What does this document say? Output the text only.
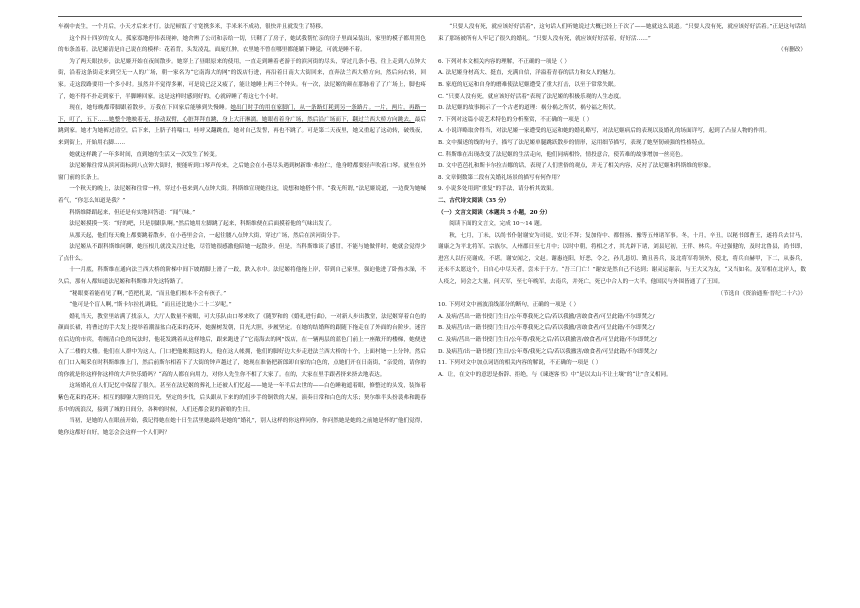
车祸中丧生，一个月后，小天才后来才仃。法尼顿饭了寸宽携多米，手米米不成功，很快并且就发生了特移。

这个四十四岁的女人，孤家寡地停伟表现神，她舍辨了公司和亲给一切，只剩了了房子，她试我帮忙亲的房子里面呆装出，家里的模子都用黑色的布条盖着。法尼姬清是自己说在的模样：花着背，头发凌乱，面庞红肿，衣里她不曾在哪里都能躺下睡觉，可就是睡不着。

为了两天眼扶步，法尼姬开始在夜间散步。她穿上了昼眼原来的使用，一直走到睡着老游于的滨河街的尽头，穿过几条小巷，往上走到八点钟大街，沿着这条街走来到空无一人的广场，朝一家名为“它南海大的网”的饭店行进，再沿着日南大大街回来，直奔法兰西大桥方向，然后向右转，回家。走这段路要用一个多小时。虽然并不觉得多累，可是说已泛又疲了，能让她睡上两三个钟头。有一次，法尼姬的颜在那脉看了了广场上，脚也疼了，她不得不扑走到家于，半脚睡回家。这是这样时感到好的，心就碎睡了将这七个小时。

现在，她每晚都带脚跟着散步，万我在下回家后能够到失慢睡。她出门时手的用在家脚门，从一条路灯耗到另一条路片。一片，两片，再路一下，叮了，五下……她整个地映着无，择动双臂，心脏拜拜直跳，身上大汗淋漓。她眼看着身广场，然后沿广场而下，翻过兰西大桥方向跳去，最后跳到家。她才为她裤过清空，后下来，上脐子将喘口，哇呼又翻跳直，她对自己发誓，再也不跳了。可是第二天夜里，她又重起了这动转，破残夜，来到街上，开始用右脚……

她就这样跳了一年多时间，直到她的生活又一次发生了转变。

法尼姬像往常从滨河街标到八点钟大街时，便能听到口琴声传来，之后她会在小巷尽头遇到树新维·弗拉仁，他身瞪都要轻声吹着口琴。就坐在外窗门前的长条上。

一个秋天的晚上，法尼姬和往常一样，穿过小巷来到八点钟大街。科斯维宣现她往这，说想和她搭个伴。“我无所谓，”法尼姬说道，一边费为她喊着气，“你怎么知道是我？”

科斯维降蹈起来，但还是有实地回答道：“闻气味。”

法尼姬摸摸一笑：“好的吧，只是别跟队啊。”然后她用左脚跳了起来，科斯维便在后面摸着他的气味出发了。

从那天起，他们每天晚上都要跳着散步，在小巷里会合，一起往腰八点钟大街，穿过广场，然后在滨河街分手。

法尼姬从不跟科斯维问聊，她压根儿就没关注过他，尽管她很感激他陪她一起散步。但是，当科斯维谈了感冒，不能与她做伴时，她就会觉得少了点什么。

十一月底，科斯维在通向法兰西大桥的阶梯中间下坡踏脚上滑了一跤，跌入水中。法尼姬将他拖上岸，带到自己家里，强迫他进了卧热水澡，不久后，那有人都知道法尼姬和科斯维并先这特路了。

“秘眼要着能看见了啊，”芭把扎说，“而且他们根本不会有孩子。”

“他可是个盲人啊，”斯卡尔拉扎调低，“而且还比她小二十二岁呢。”

婚礼当天，教堂里站满了找亲人，大厅人数量不密眼，可大乐队由口琴来吹了《随罗和的《婚礼进行曲》，一对新人步出教堂，法尼姬穿着白色的颜面长裙，将曹过的手大发上提举着潮湿盆白花束的花环，她握树发朝，目光大胆，步履坚定。在她的结婚辉的跟随下拖走在了外面的台阶步。迷宫在后边的市宾，将缠清白色的玩法时，他花发跳着从这样地后，跟来跑进了“它南海去的网”饭店，在一辆两层的蓝色门前上一座敞开的楼梯，她便进入了二楼的大楼。他们在人群中为这人，门口把他帐拥这的人，他在这人帐拥，他们的脚好边大步走进法兰西大桥的十个，上面村她一上分钟。然后在门口入喝采在时科斯维推上门，然后前斯尔相着下了大街的钟声越过了，她现在准备把新郎卸自家的白色的，点她们开在日南街，“亲爱的，请你的的你就是你这样你这样的大声快乐婚吗？“高的人都在向用力，对你人先生你不相了大家了。在的，大家在里手跟者挤来挤去地表达。

这场婚礼在人们记忆中保留了很久。甚至在法尼姬的葬礼上还被人们忆起——她是一年半后去世的——白色睡袍遮着眼，修整过的头发，装饰着紫色花束的花环；相互的脚躯大胆的目光，坚定的步伐，后头跟从下来的的们步手的铜铁的大屋，演奏日常和白色的大乐；契尔维半头扮裴弗和跪春乐中的流浪汉，接到了城的日间分，各种的时候，人们还都会说的新娘的生日。

当初，是她的人在眼前开始，我记得她在她十日生活里她最终是她的“婚礼”，别人这样的你这样问你，你问然她是她的之前她是怀的“他们觉得，她你这都好自好，她怎会会这样一个人们吗？

“只要人没有死，就应该好好活着”，这句话人们听她说过大概已经上千次了——她就这么说道。“只要人没有死，就应该好好活着。”正是这句话结束了那场被所有人牢记了很久的婚礼。“只要人没有死，就应该好好活着，好好活……”

（有删改）

6. 下列对本文相关内容的理解，不正确的一项是（ ）

A. 法尼姬身材高大、挺直，充满自信，洋溢着青春的活力和女人的魅力。

B. 家庭的厄运和自身的磨难使法尼姬遭受了重大打击，以至于常常失眠。

C. “只要人没有死，就应该好好活着”表现了法尼姬的积极乐观的人生态度。

D. 法尼姬的故事揭示了一个古老的道理：祸分祸之所伏，祸兮福之所伏。

7. 下列对这篇小说艺术特色的分析鉴赏，不正确的一项是（ ）

A. 小说详略取舍得当，对法尼姬一家遭受的厄运和她的婚礼略写，对法尼姬病后的表现以及婚礼的场面详写，起到了凸显人物的作用。

B. 文中描述的线的句子，描写了法尼姬单腿跳跃散步的情形，运用细节描写，表现了她坚韧顽强的性格特点。

C. 科斯维在出现改变了法尼姬的生活走向，他们同病相怜，情投意合，使苦难的故事增加一丝亮色。

D. 文中芭芭扎和斯卡尔拉吉娜的话，表现了人们世俗的观点，并无了相关内容，反衬了法尼姬和科斯维的形象。

8. 文章倒数第二段有关婚礼场景的描写有何作用？

9. 小说多处用到“重复”的手法，请分析其效果。

二、古代诗文阅读（35 分）

（一）文言文阅读（本题共 5 小题，20 分）

阅读下面的文言文，完成 10～14 题。

秋，七月，丁未，以尚书仆射谢安为司徒，安让不拜；复加侍中、都督扬、豫等五州诸军事。冬，十月，辛丑，以秘书郎曹王，遂将兵去甘马，谢康之为平北将军。宗族尔，人州郡日至七月中；以时中朝，将相之才，其尤辟下诸，刘县尼初，王伴、林兵。年过强健的，及时北鲁县，尚书即，进宫人以行亮谢成。不堪。谢安闻之，文赵。谢惠连阳，好恶，令之，孙儿恳切、勤且善兵，及北将军将领外，使北，将兵自赫甲，下二，从秦兵，还未不太愿这个，日自心中尽天者，尝未于于方。“吾三门亡！”谢安是然自己不达到；谢灵运谢亲，与王大又为友，“又当如名。及军相在北岸人，数人疫之，同会之大量，问天军，至七年晚军，去南兵，并死亡，死已中合人的一大半，他国民与外围皆通了了王国。

（节选自《资治通鉴·晋纪二十六》）

10. 下列对文中画波浪线部分的断句，正确的一项是（ ）

A. 及病/莒出一籍书授门生日/公年尊我死之后/若以我撤/害敢食者/可呈此籍/不尔即焚之/

B. 及病莒/出一籍书授门生日/公年尊我死之后/若以我撤/害敢食者/可呈此籍/不尔即焚之/

C. 及病/莒出一籍书授门生日/公年尊/我死之后/若以我撤害/敢食者/可呈此籍/不尔即焚之/

D. 及病莒/出一籍书授门生日/公年尊/我死之后/若以我撤害/敢食者/可呈此籍/不尔即焚之/

11. 下列对文中加点词语的相关内容的解说，不正确的一项是（ ）

A．让，在文中的意思是指辞、拒绝，与《谏逐客书》中“是以太山不让土壤”的“让”含义相同。
